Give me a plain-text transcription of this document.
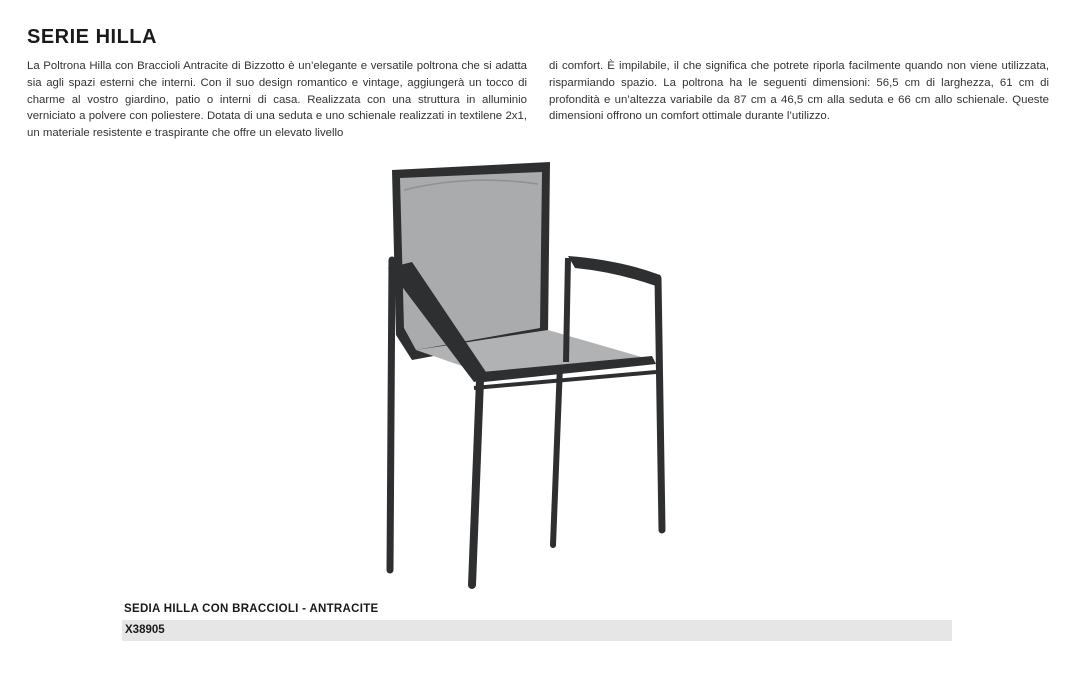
SERIE HILLA
La Poltrona Hilla con Braccioli Antracite di Bizzotto è un’elegante e versatile poltrona che si adatta sia agli spazi esterni che interni. Con il suo design romantico e vintage, aggiungerà un tocco di charme al vostro giardino, patio o interni di casa. Realizzata con una struttura in alluminio verniciato a polvere con poliestere. Dotata di una seduta e uno schienale realizzati in textilene 2x1, un materiale resistente e traspirante che offre un elevato livello
di comfort. È impilabile, il che significa che potrete riporla facilmente quando non viene utilizzata, risparmiando spazio. La poltrona ha le seguenti dimensioni: 56,5 cm di larghezza, 61 cm di profondità e un’altezza variabile da 87 cm a 46,5 cm alla seduta e 66 cm allo schienale. Queste dimensioni offrono un comfort ottimale durante l’utilizzo.
SEDIA HILLA CON BRACCIOLI - ANTRACITE
X38905
